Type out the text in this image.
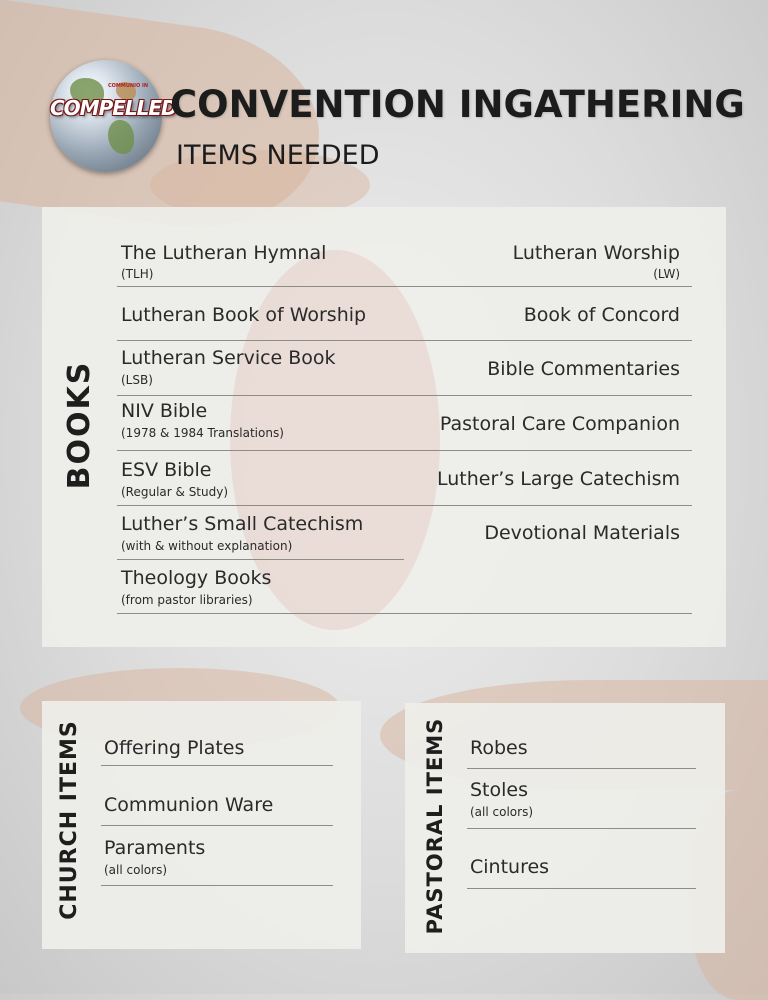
COMMUNIO IN
COMPELLED
CONVENTION INGATHERING
ITEMS NEEDED
BOOKS
The Lutheran Hymnal
(TLH)
Lutheran Book of Worship
Lutheran Service Book
(LSB)
NIV Bible
(1978 & 1984 Translations)
ESV Bible
(Regular & Study)
Luther’s Small Catechism
(with & without explanation)
Theology Books
(from pastor libraries)
Lutheran Worship
(LW)
Book of Concord
Bible Commentaries
Pastoral Care Companion
Luther’s Large Catechism
Devotional Materials
CHURCH ITEMS Offering Plates
Communion Ware
Paraments
(all colors)	PASTORAL ITEMS Robes
Stoles
(all colors)
Cintures
